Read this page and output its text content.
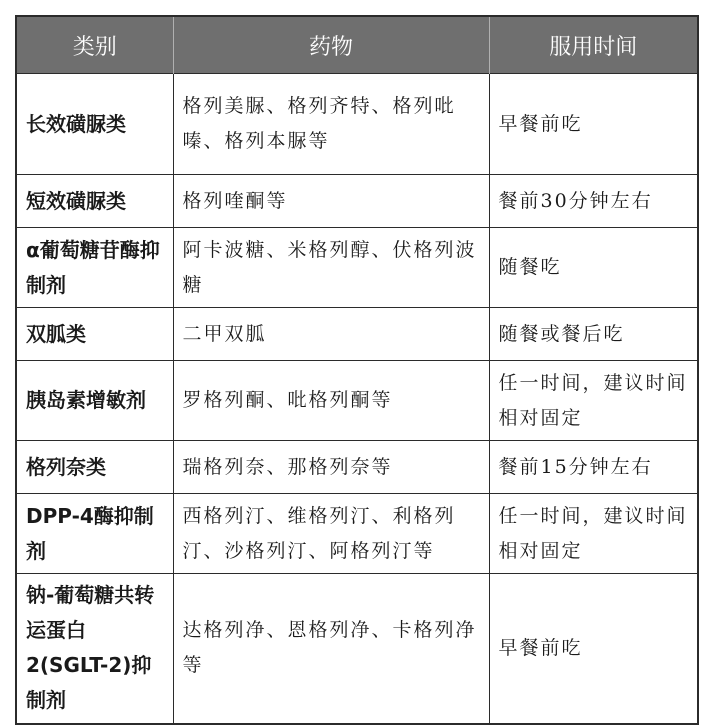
类别	药物	服用时间
长效磺脲类	格列美脲、格列齐特、格列吡嗪、格列本脲等	早餐前吃
短效磺脲类	格列喹酮等	餐前30分钟左右
α葡萄糖苷酶抑制剂	阿卡波糖、米格列醇、伏格列波糖	随餐吃
双胍类	二甲双胍	随餐或餐后吃
胰岛素增敏剂	罗格列酮、吡格列酮等	任一时间，建议时间相对固定
格列奈类	瑞格列奈、那格列奈等	餐前15分钟左右
DPP-4酶抑制剂	西格列汀、维格列汀、利格列汀、沙格列汀、阿格列汀等	任一时间，建议时间相对固定
钠-葡萄糖共转运蛋白2(SGLT-2)抑制剂	达格列净、恩格列净、卡格列净等	早餐前吃
